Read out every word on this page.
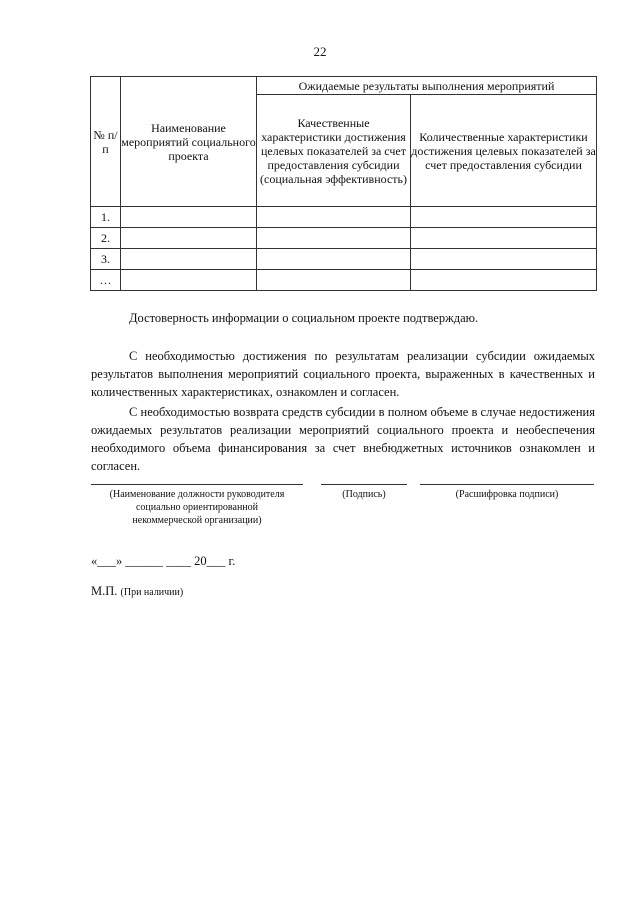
22
№ п/п	Наименование мероприятий социального проекта	Ожидаемые результаты выполнения мероприятий	
		Качественные характеристики достижения целевых показателей за счет предоставления субсидии (социальная эффективность)	Количественные характеристики достижения целевых показателей за счет предоставления субсидии
1.			
2.			
3.			
…			
Достоверность информации о социальном проекте подтверждаю.
С необходимостью достижения по результатам реализации субсидии ожидаемых результатов выполнения мероприятий социального проекта, выраженных в качественных и количественных характеристиках, ознакомлен и согласен.
С необходимостью возврата средств субсидии в полном объеме в случае недостижения ожидаемых результатов реализации мероприятий социального проекта и необеспечения необходимого объема финансирования за счет внебюджетных источников ознакомлен и согласен.
(Наименование должности руководителя
социально ориентированной
некоммерческой организации)
(Подпись)	(Расшифровка подписи)
«___» ______ ____ 20___ г.
М.П. (При наличии)
